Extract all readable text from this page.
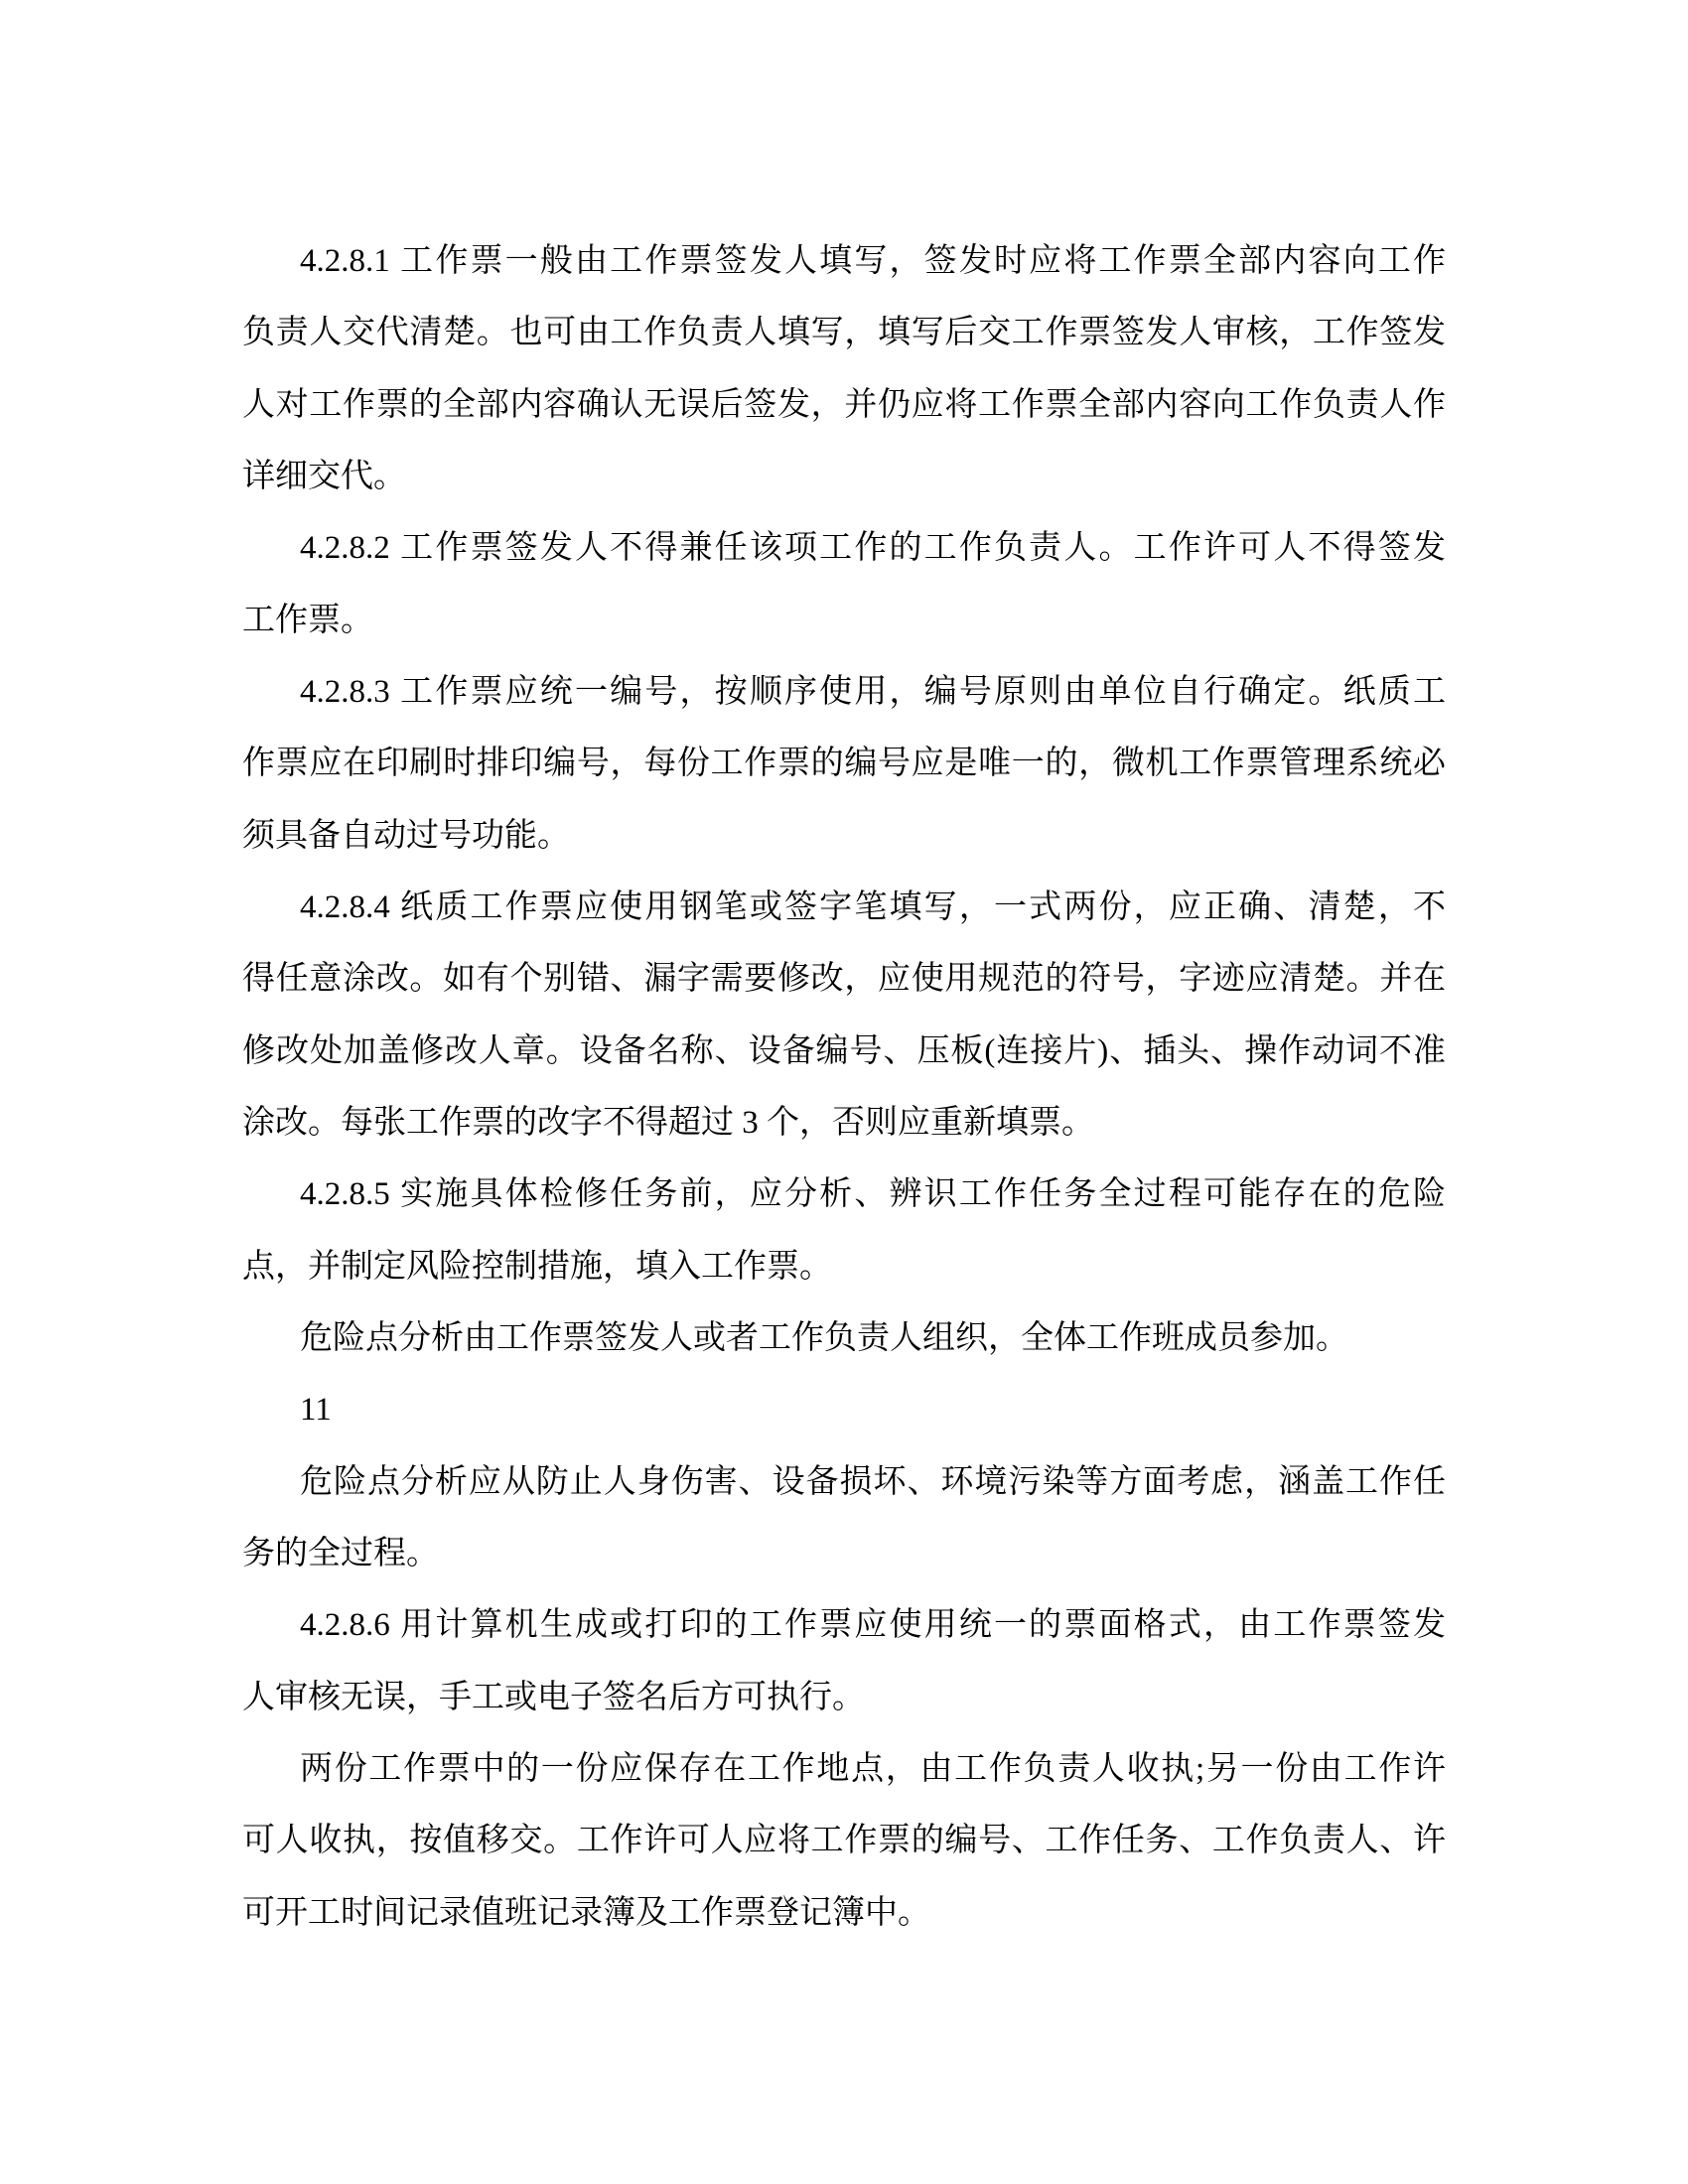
4.2.8.1 工作票一般由工作票签发人填写，签发时应将工作票全部内容向工作
负责人交代清楚。也可由工作负责人填写，填写后交工作票签发人审核，工作签发
人对工作票的全部内容确认无误后签发，并仍应将工作票全部内容向工作负责人作
详细交代。
4.2.8.2 工作票签发人不得兼任该项工作的工作负责人。工作许可人不得签发
工作票。
4.2.8.3 工作票应统一编号，按顺序使用，编号原则由单位自行确定。纸质工
作票应在印刷时排印编号，每份工作票的编号应是唯一的，微机工作票管理系统必
须具备自动过号功能。
4.2.8.4 纸质工作票应使用钢笔或签字笔填写，一式两份，应正确、清楚，不
得任意涂改。如有个别错、漏字需要修改，应使用规范的符号，字迹应清楚。并在
修改处加盖修改人章。设备名称、设备编号、压板(连接片)、插头、操作动词不准
涂改。每张工作票的改字不得超过 3 个，否则应重新填票。
4.2.8.5 实施具体检修任务前，应分析、辨识工作任务全过程可能存在的危险
点，并制定风险控制措施，填入工作票。
危险点分析由工作票签发人或者工作负责人组织，全体工作班成员参加。
11
危险点分析应从防止人身伤害、设备损坏、环境污染等方面考虑，涵盖工作任
务的全过程。
4.2.8.6 用计算机生成或打印的工作票应使用统一的票面格式，由工作票签发
人审核无误，手工或电子签名后方可执行。
两份工作票中的一份应保存在工作地点，由工作负责人收执;另一份由工作许
可人收执，按值移交。工作许可人应将工作票的编号、工作任务、工作负责人、许
可开工时间记录值班记录簿及工作票登记簿中。
